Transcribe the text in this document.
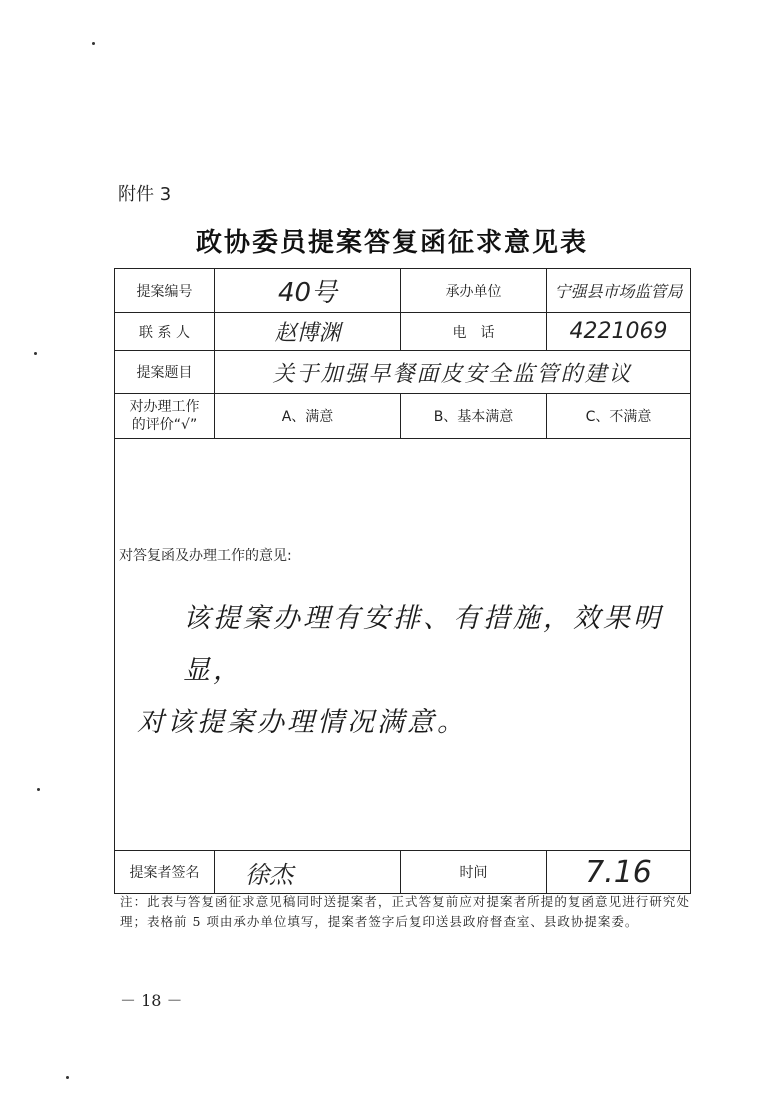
附件 3
政协委员提案答复函征求意见表
提案编号	40号	承办单位	宁强县市场监管局
联 系 人	赵博渊	电　话	4221069
提案题目	关于加强早餐面皮安全监管的建议		

对办理工作
的评价“√”	A、满意	B、基本满意	C、不满意

对答复函及办理工作的意见:
该提案办理有安排、有措施，效果明显，
对该提案办理情况满意。			

提案者签名	徐杰	时间	7.16
注：此表与答复函征求意见稿同时送提案者，正式答复前应对提案者所提的复函意见进行研究处理；表格前 5 项由承办单位填写，提案者签字后复印送县政府督查室、县政协提案委。
－ 18 －
